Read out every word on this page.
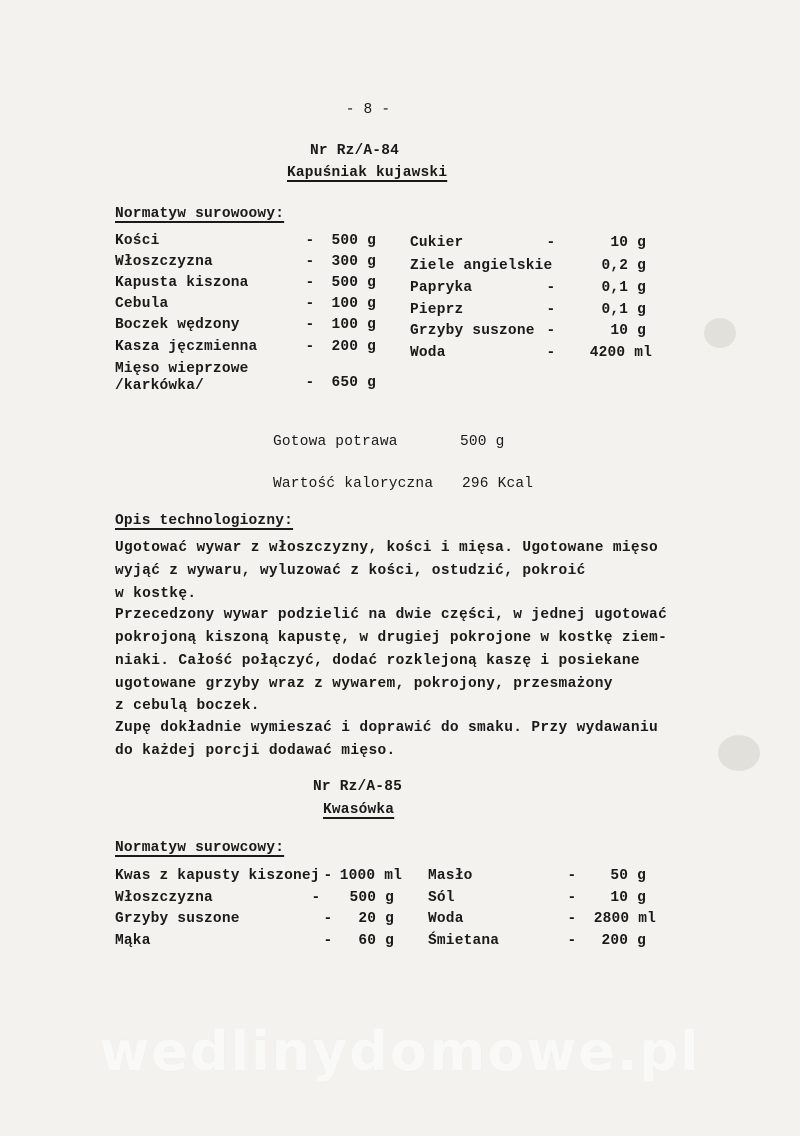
- 8 -
Nr Rz/A-84
Kapuśniak kujawski
Normatyw surowoowy:
Kości	-	500 g
Włoszczyzna	-	300 g
Kapusta kiszona	-	500 g
Cebula	-	100 g
Boczek wędzony	-	100 g
Kasza jęczmienna	-	200 g
Mięso wieprzowe
/karkówka/	-	650 g
Cukier	-	10 g
Ziele angielskie	0,2 g
Papryka	-	0,1 g
Pieprz	-	0,1 g
Grzyby suszone -	10 g
Woda	-	4200 ml
Gotowa potrawa	500 g
Wartość kaloryczna 296 Kcal
Opis technologiozny:
Ugotować wywar z włoszczyzny, kości i mięsa. Ugotowane mięso
wyjąć z wywaru, wyluzować z kości, ostudzić, pokroić
w kostkę.
Przecedzony wywar podzielić na dwie części, w jednej ugotować
pokrojoną kiszoną kapustę, w drugiej pokrojone w kostkę ziem-
niaki. Całość połączyć, dodać rozklejoną kaszę i posiekane
ugotowane grzyby wraz z wywarem, pokrojony, przesmażony
z cebulą boczek.
Zupę dokładnie wymieszać i doprawić do smaku. Przy wydawaniu
do każdej porcji dodawać mięso.
Nr Rz/A-85
Kwasówka
Normatyw surowcowy:
Kwas z kapusty kiszonej - 1000 ml
Włoszczyzna	-	500 g
Grzyby suszone	-	20 g
Mąka	-	60 g
Masło	-	50 g
Sól	-	10 g
Woda	-	2800 ml
Śmietana	-	200 g
wedlinydomowe.pl
